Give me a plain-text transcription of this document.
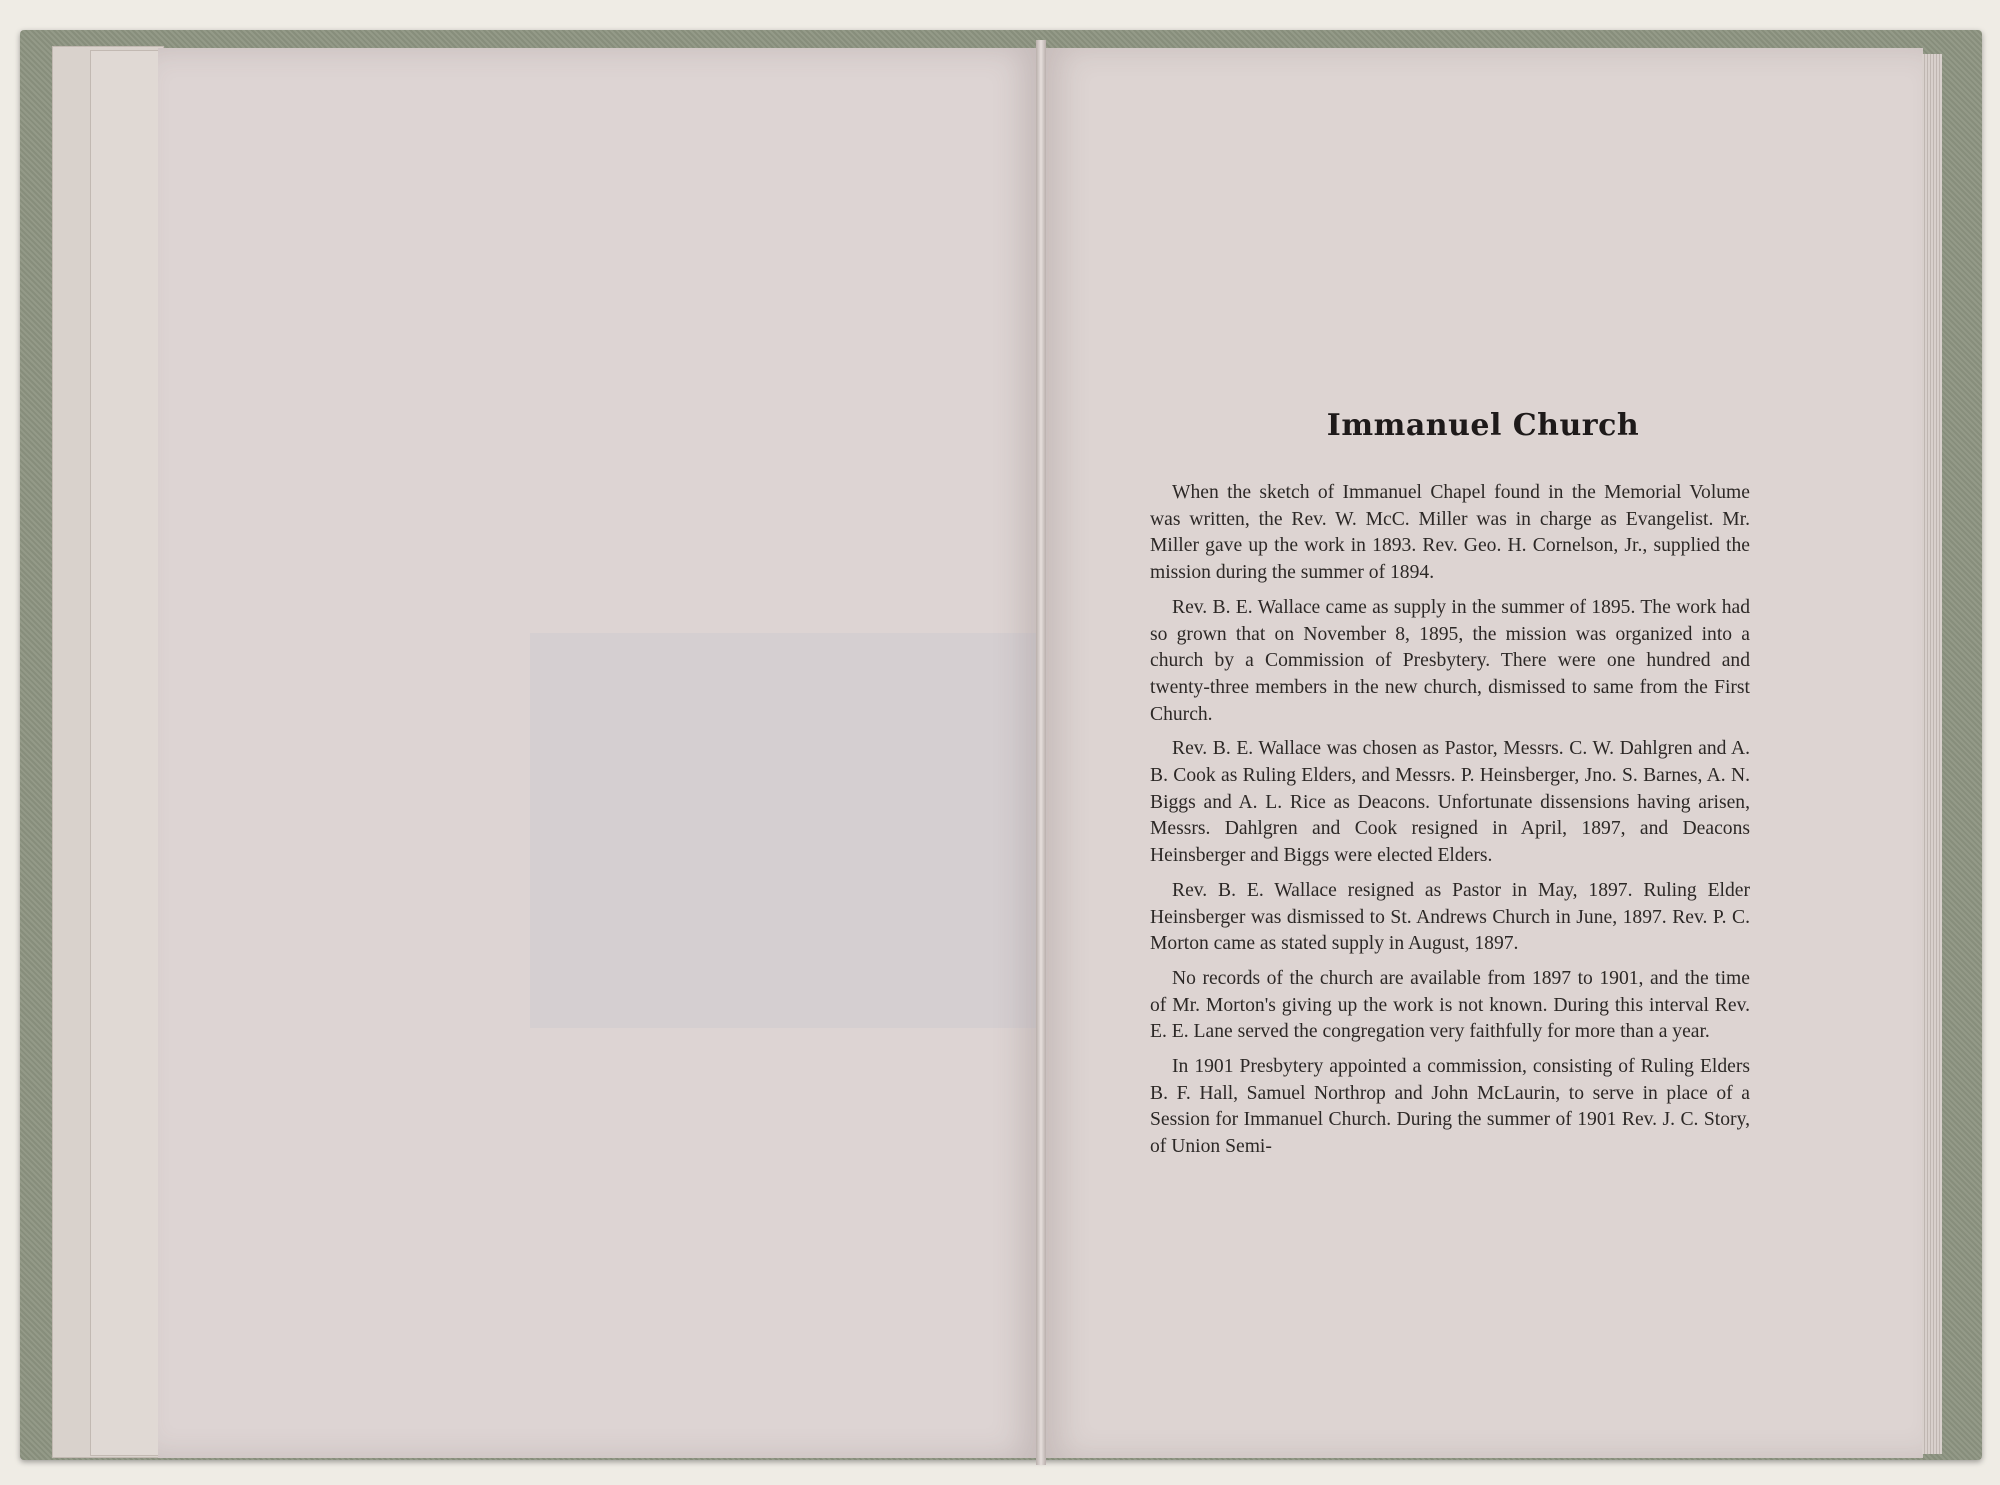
Immanuel Church

When the sketch of Immanuel Chapel found in the Memorial Volume was written, the Rev. W. McC. Miller was in charge as Evangelist. Mr. Miller gave up the work in 1893. Rev. Geo. H. Cornelson, Jr., supplied the mission during the summer of 1894.

Rev. B. E. Wallace came as supply in the summer of 1895. The work had so grown that on November 8, 1895, the mission was organized into a church by a Commission of Presbytery. There were one hundred and twenty-three members in the new church, dismissed to same from the First Church.

Rev. B. E. Wallace was chosen as Pastor, Messrs. C. W. Dahlgren and A. B. Cook as Ruling Elders, and Messrs. P. Heinsberger, Jno. S. Barnes, A. N. Biggs and A. L. Rice as Deacons. Unfortunate dissensions having arisen, Messrs. Dahlgren and Cook resigned in April, 1897, and Deacons Heinsberger and Biggs were elected Elders.

Rev. B. E. Wallace resigned as Pastor in May, 1897. Ruling Elder Heinsberger was dismissed to St. Andrews Church in June, 1897. Rev. P. C. Morton came as stated supply in August, 1897.

No records of the church are available from 1897 to 1901, and the time of Mr. Morton's giving up the work is not known. During this interval Rev. E. E. Lane served the congregation very faithfully for more than a year.

In 1901 Presbytery appointed a commission, consisting of Ruling Elders B. F. Hall, Samuel Northrop and John McLaurin, to serve in place of a Session for Immanuel Church. During the summer of 1901 Rev. J. C. Story, of Union Semi-
